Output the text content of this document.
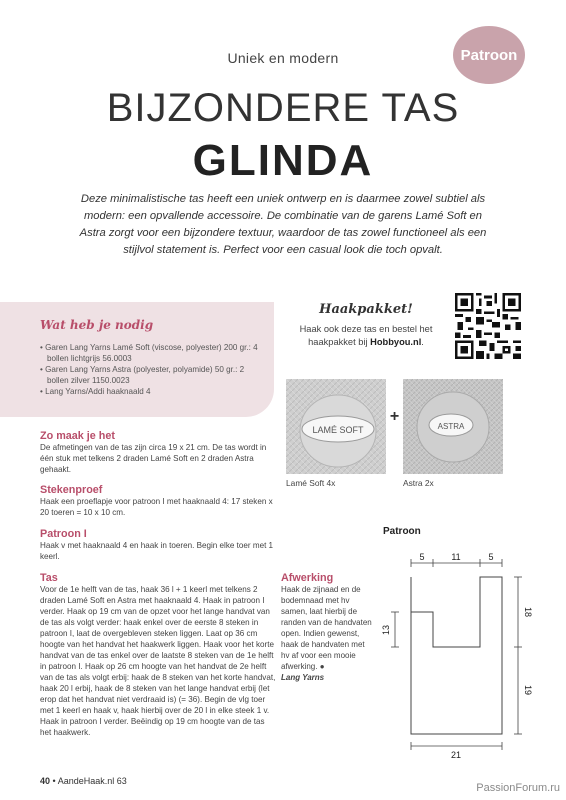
Patroon
Uniek en modern
BIJZONDERE TAS
GLINDA

Deze minimalistische tas heeft een uniek ontwerp en is daarmee zowel subtiel als modern: een opvallende accessoire. De combinatie van de garens Lamé Soft en Astra zorgt voor een bijzondere textuur, waardoor de tas zowel functioneel als een stijlvol statement is. Perfect voor een casual look die toch opvalt.

Wat heb je nodig
• Garen Lang Yarns Lamé Soft (viscose, polyester) 200 gr.: 4 bollen lichtgrijs 56.0003
• Garen Lang Yarns Astra (polyester, polyamide) 50 gr.: 2 bollen zilver 1150.0023
• Lang Yarns/Addi haaknaald 4
Haakpakket!

Haak ook deze tas en bestel het haakpakket bij Hobbyou.nl.

LAMÉ SOFT
+
ASTRA
Lamé Soft 4x	Astra 2x
Zo maak je het

De afmetingen van de tas zijn circa 19 x 21 cm. De tas wordt in één stuk met telkens 2 draden Lamé Soft en 2 draden Astra gehaakt.

Stekenproef

Haak een proeflapje voor patroon I met haaknaald 4: 17 steken x 20 toeren = 10 x 10 cm.

Patroon I

Haak v met haaknaald 4 en haak in toeren. Begin elke toer met 1 keerl.

Tas

Voor de 1e helft van de tas, haak 36 l + 1 keerl met telkens 2 draden Lamé Soft en Astra met haaknaald 4. Haak in patroon I verder. Haak op 19 cm van de opzet voor het lange handvat van de tas als volgt verder: haak enkel over de eerste 8 steken in patroon I, laat de overgebleven steken liggen. Laat op 36 cm hoogte van het handvat het haakwerk liggen. Haak voor het korte handvat van de tas enkel over de laatste 8 steken van de 1e helft in patroon I. Haak op 26 cm hoogte van het handvat de 2e helft van de tas als volgt erbij: haak de 8 steken van het korte handvat, haak 20 l erbij, haak de 8 steken van het lange handvat erbij (let erop dat het handvat niet verdraaid is) (= 36). Begin de vlg toer met 1 keerl en haak v, haak hierbij over de 20 l in elke steek 1 v. Haak in patroon I verder. Beëindig op 19 cm hoogte van de tas het haakwerk.

Afwerking

Haak de zijnaad en de bodemnaad met hv samen, laat hierbij de randen van de handvaten open. Indien gewenst, haak de handvaten met hv af voor een mooie afwerking. ●
Lang Yarns

Patroon
5	11	5
13
18
19
21
40 • AandeHaak.nl 63
PassionForum.ru
